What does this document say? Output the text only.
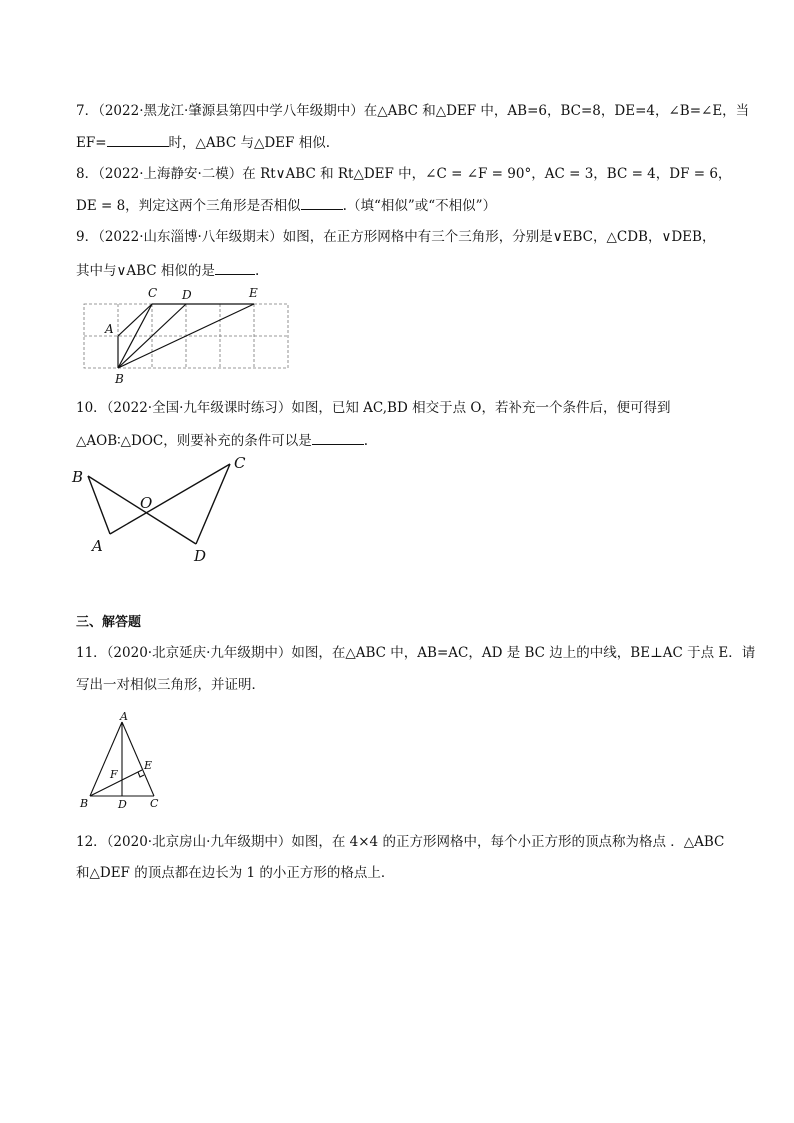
7．（2022·黑龙江·肇源县第四中学八年级期中）在△ABC 和△DEF 中，AB=6，BC=8，DE=4，∠B=∠E，当
EF=	时，△ABC 与△DEF 相似.
8．（2022·上海静安·二模）在 Rt∨ABC 和 Rt△DEF 中，∠C = ∠F = 90°，AC = 3，BC = 4，DF = 6，
DE = 8，判定这两个三角形是否相似	.（填“相似”或“不相似”）
9．（2022·山东淄博·八年级期末）如图，在正方形网格中有三个三角形，分别是∨EBC，△CDB，∨DEB，
其中与∨ABC 相似的是	.
A
B
C D	E
10．（2022·全国·九年级课时练习）如图，已知 AC,BD 相交于点 O，若补充一个条件后，便可得到
△AOB∶△DOC，则要补充的条件可以是	.
B
A
C
D
O
三、解答题
11．（2020·北京延庆·九年级期中）如图，在△ABC 中，AB=AC，AD 是 BC 边上的中线，BE⊥AC 于点 E．请
写出一对相似三角形，并证明．
A
B	D C
E
F
12．（2020·北京房山·九年级期中）如图，在 4×4 的正方形网格中，每个小正方形的顶点称为格点 ．△ABC
和△DEF 的顶点都在边长为 1 的小正方形的格点上．
